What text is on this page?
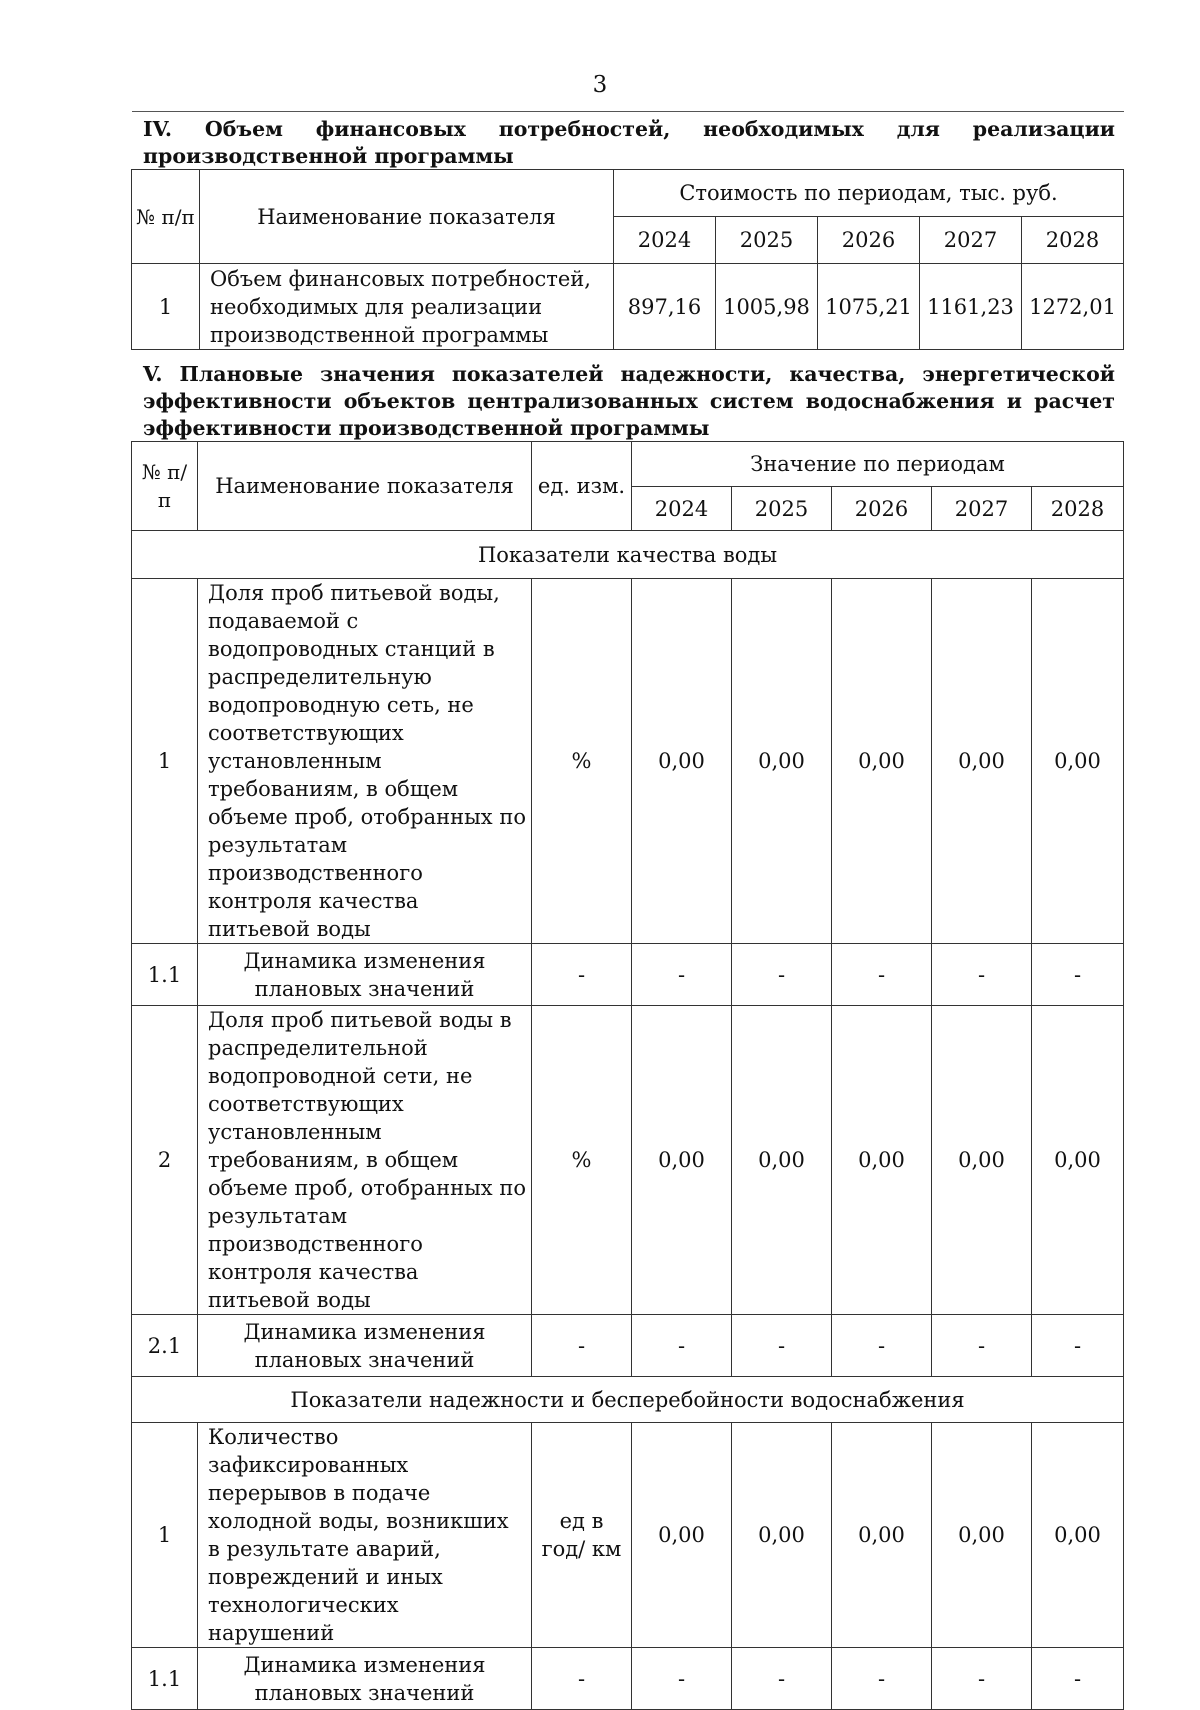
3
IV. Объем финансовых потребностей, необходимых для реализации производственной программы
№ п/п	Наименование показателя	Стоимость по периодам, тыс. руб.				
		2024	2025	2026	2027	2028
1	Объем финансовых потребностей, необходимых для реализации производственной программы	897,16	1005,98	1075,21	1161,23	1272,01
V. Плановые значения показателей надежности, качества, энергетической эффективности объектов централизованных систем водоснабжения и расчет эффективности производственной программы
№ п/п	Наименование показателя	ед. изм.	Значение по периодам				
			2024	2025	2026	2027	2028
Показатели качества воды							
1	Доля проб питьевой воды, подаваемой с водопроводных станций в распределительную водопроводную сеть, не соответствующих установленным требованиям, в общем объеме проб, отобранных по результатам производственного контроля качества питьевой воды	%	0,00	0,00	0,00	0,00	0,00
1.1	Динамика изменения плановых значений	-	-	-	-	-	-
2	Доля проб питьевой воды в распределительной водопроводной сети, не соответствующих установленным требованиям, в общем объеме проб, отобранных по результатам производственного контроля качества питьевой воды	%	0,00	0,00	0,00	0,00	0,00
2.1	Динамика изменения плановых значений	-	-	-	-	-	-
Показатели надежности и бесперебойности водоснабжения							
1	Количество зафиксированных перерывов в подаче холодной воды, возникших в результате аварий, повреждений и иных технологических нарушений	ед в год/ км	0,00	0,00	0,00	0,00	0,00
1.1	Динамика изменения плановых значений	-	-	-	-	-	-
